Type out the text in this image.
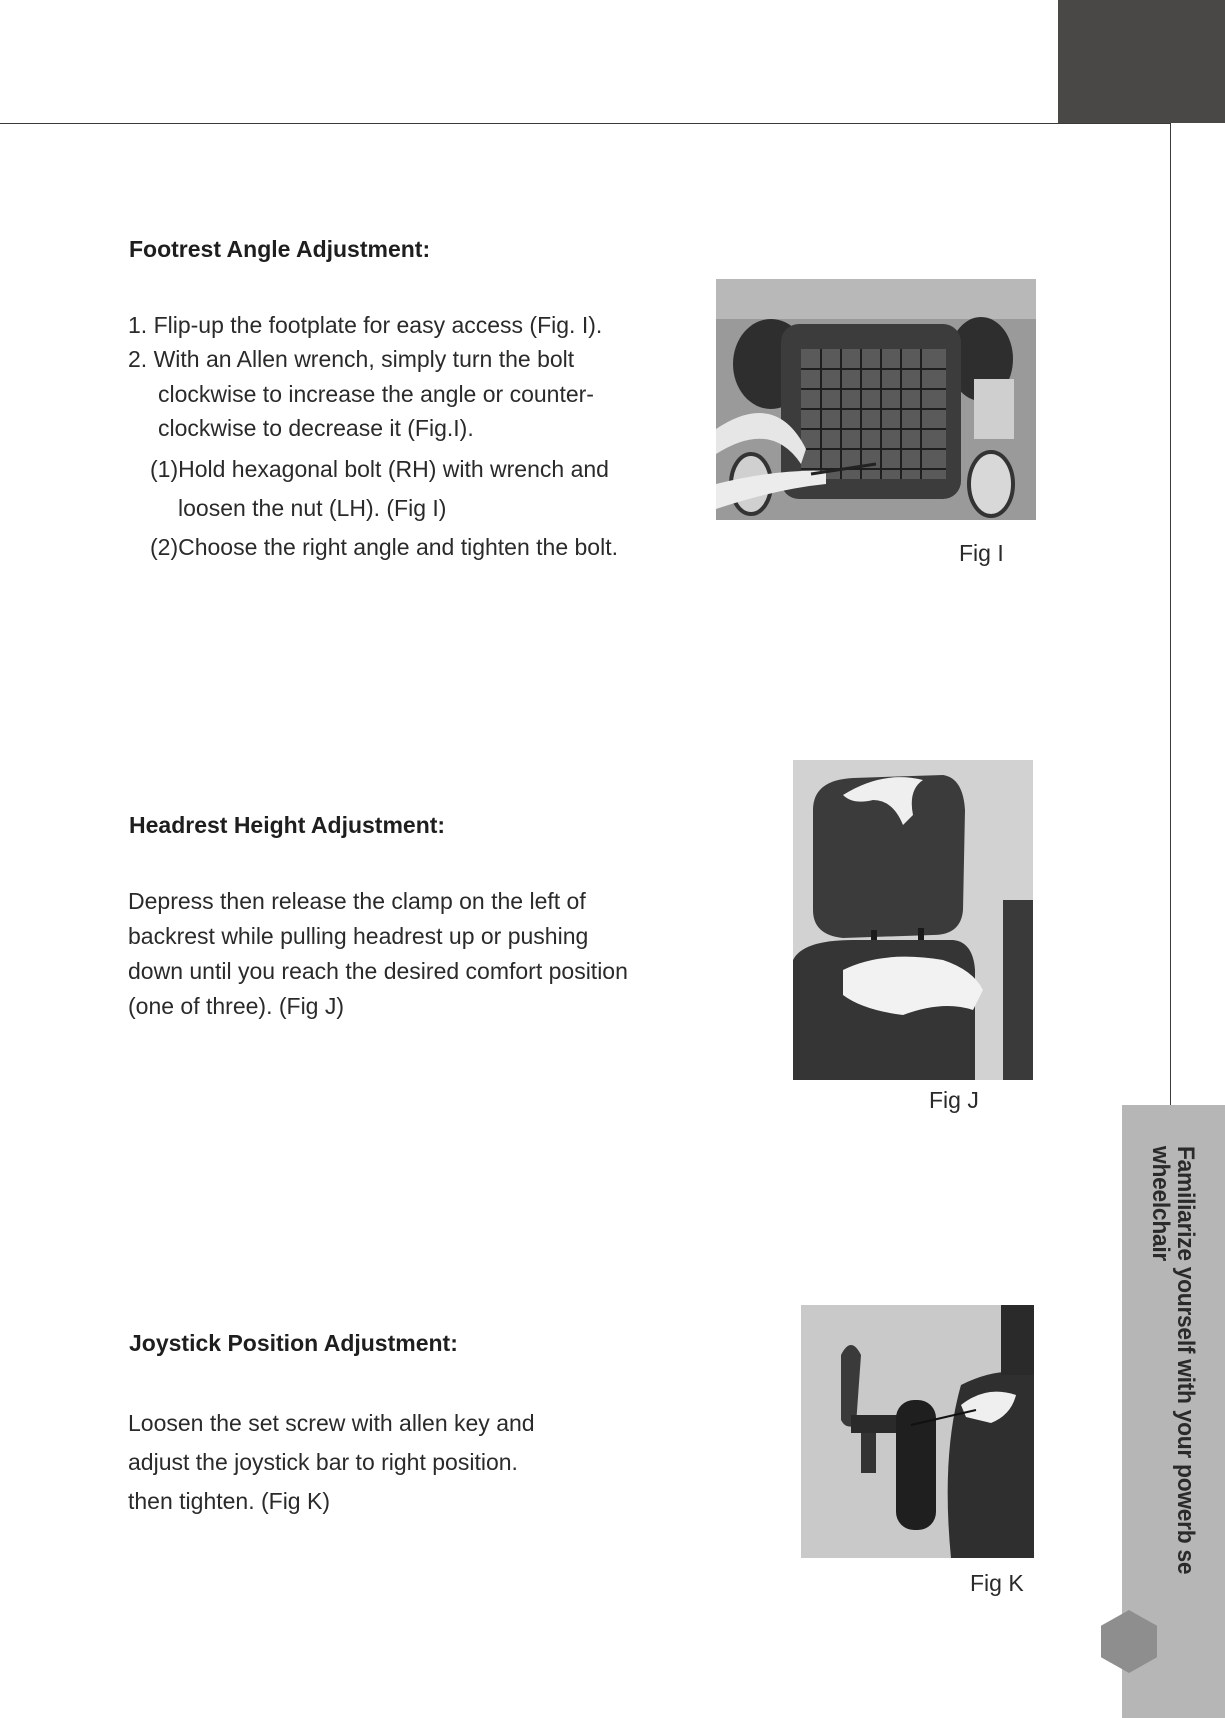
Familiarize yourself with your powerb se wheelchair
Footrest Angle Adjustment:
1. Flip-up the footplate for easy access (Fig. I).
2. With an Allen wrench, simply turn the bolt
clockwise to increase the angle or counter-
clockwise to decrease it (Fig.I).
(1)Hold hexagonal bolt (RH) with wrench and
loosen the nut (LH). (Fig I)
(2)Choose the right angle and tighten the bolt.	Fig I
Headrest Height Adjustment:
Depress then release the clamp on the left of
backrest while pulling headrest up or pushing
down until you reach the desired comfort position
(one of three). (Fig J)
Fig J
Joystick Position Adjustment:
Loosen the set screw with allen key and
adjust the joystick bar to right position.
then tighten. (Fig K)
Fig K
